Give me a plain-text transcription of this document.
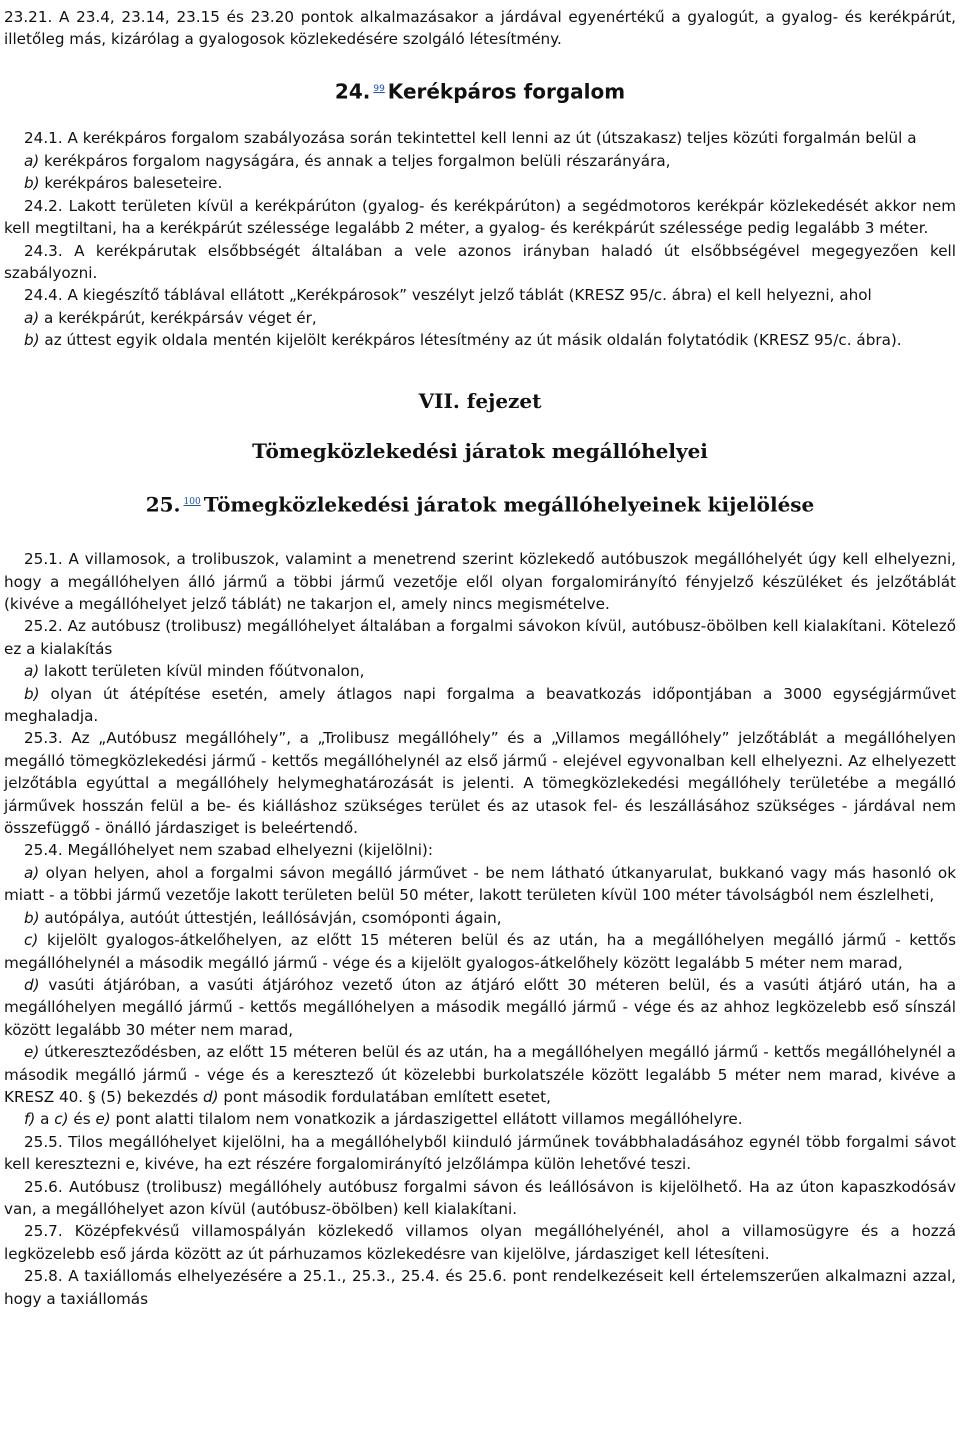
23.21. A 23.4, 23.14, 23.15 és 23.20 pontok alkalmazásakor a járdával egyenértékű a gyalogút, a gyalog- és kerékpárút, illetőleg más, kizárólag a gyalogosok közlekedésére szolgáló létesítmény.

24. $^{99}$ Kerékpáros forgalom

24.1. A kerékpáros forgalom szabályozása során tekintettel kell lenni az út (útszakasz) teljes közúti forgalmán belül a

a) kerékpáros forgalom nagyságára, és annak a teljes forgalmon belüli részarányára,

b) kerékpáros baleseteire.

24.2. Lakott területen kívül a kerékpárúton (gyalog- és kerékpárúton) a segédmotoros kerékpár közlekedését akkor nem kell megtiltani, ha a kerékpárút szélessége legalább 2 méter, a gyalog- és kerékpárút szélessége pedig legalább 3 méter.

24.3. A kerékpárutak elsőbbségét általában a vele azonos irányban haladó út elsőbbségével megegyezően kell szabályozni.

24.4. A kiegészítő táblával ellátott „Kerékpárosok” veszélyt jelző táblát (KRESZ 95/c. ábra) el kell helyezni, ahol

a) a kerékpárút, kerékpársáv véget ér,

b) az úttest egyik oldala mentén kijelölt kerékpáros létesítmény az út másik oldalán folytatódik (KRESZ 95/c. ábra).

VII. fejezet
Tömegközlekedési járatok megállóhelyei
25. $^{100}$ Tömegközlekedési járatok megállóhelyeinek kijelölése

25.1. A villamosok, a trolibuszok, valamint a menetrend szerint közlekedő autóbuszok megállóhelyét úgy kell elhelyezni, hogy a megállóhelyen álló jármű a többi jármű vezetője elől olyan forgalomirányító fényjelző készüléket és jelzőtáblát (kivéve a megállóhelyet jelző táblát) ne takarjon el, amely nincs megismételve.

25.2. Az autóbusz (trolibusz) megállóhelyet általában a forgalmi sávokon kívül, autóbusz-öbölben kell kialakítani. Kötelező ez a kialakítás

a) lakott területen kívül minden főútvonalon,

b) olyan út átépítése esetén, amely átlagos napi forgalma a beavatkozás időpontjában a 3000 egységjárművet meghaladja.

25.3. Az „Autóbusz megállóhely”, a „Trolibusz megállóhely” és a „Villamos megállóhely” jelzőtáblát a megállóhelyen megálló tömegközlekedési jármű - kettős megállóhelynél az első jármű - elejével egyvonalban kell elhelyezni. Az elhelyezett jelzőtábla egyúttal a megállóhely helymeghatározását is jelenti. A tömegközlekedési megállóhely területébe a megálló járművek hosszán felül a be- és kiálláshoz szükséges terület és az utasok fel- és leszállásához szükséges - járdával nem összefüggő - önálló járdasziget is beleértendő.

25.4. Megállóhelyet nem szabad elhelyezni (kijelölni):

a) olyan helyen, ahol a forgalmi sávon megálló járművet - be nem látható útkanyarulat, bukkanó vagy más hasonló ok miatt - a többi jármű vezetője lakott területen belül 50 méter, lakott területen kívül 100 méter távolságból nem észlelheti,

b) autópálya, autóút úttestjén, leállósávján, csomóponti ágain,

c) kijelölt gyalogos-átkelőhelyen, az előtt 15 méteren belül és az után, ha a megállóhelyen megálló jármű - kettős megállóhelynél a második megálló jármű - vége és a kijelölt gyalogos-átkelőhely között legalább 5 méter nem marad,

d) vasúti átjáróban, a vasúti átjáróhoz vezető úton az átjáró előtt 30 méteren belül, és a vasúti átjáró után, ha a megállóhelyen megálló jármű - kettős megállóhelyen a második megálló jármű - vége és az ahhoz legközelebb eső sínszál között legalább 30 méter nem marad,

e) útkereszteződésben, az előtt 15 méteren belül és az után, ha a megállóhelyen megálló jármű - kettős megállóhelynél a második megálló jármű - vége és a keresztező út közelebbi burkolatszéle között legalább 5 méter nem marad, kivéve a KRESZ 40. § (5) bekezdés d) pont második fordulatában említett esetet,

f) a c) és e) pont alatti tilalom nem vonatkozik a járdaszigettel ellátott villamos megállóhelyre.

25.5. Tilos megállóhelyet kijelölni, ha a megállóhelyből kiinduló járműnek továbbhaladásához egynél több forgalmi sávot kell keresztezni e, kivéve, ha ezt részére forgalomirányító jelzőlámpa külön lehetővé teszi.

25.6. Autóbusz (trolibusz) megállóhely autóbusz forgalmi sávon és leállósávon is kijelölhető. Ha az úton kapaszkodósáv van, a megállóhelyet azon kívül (autóbusz-öbölben) kell kialakítani.

25.7. Középfekvésű villamospályán közlekedő villamos olyan megállóhelyénél, ahol a villamosügyre és a hozzá legközelebb eső járda között az út párhuzamos közlekedésre van kijelölve, járdasziget kell létesíteni.

25.8. A taxiállomás elhelyezésére a 25.1., 25.3., 25.4. és 25.6. pont rendelkezéseit kell értelemszerűen alkalmazni azzal, hogy a taxiállomás
